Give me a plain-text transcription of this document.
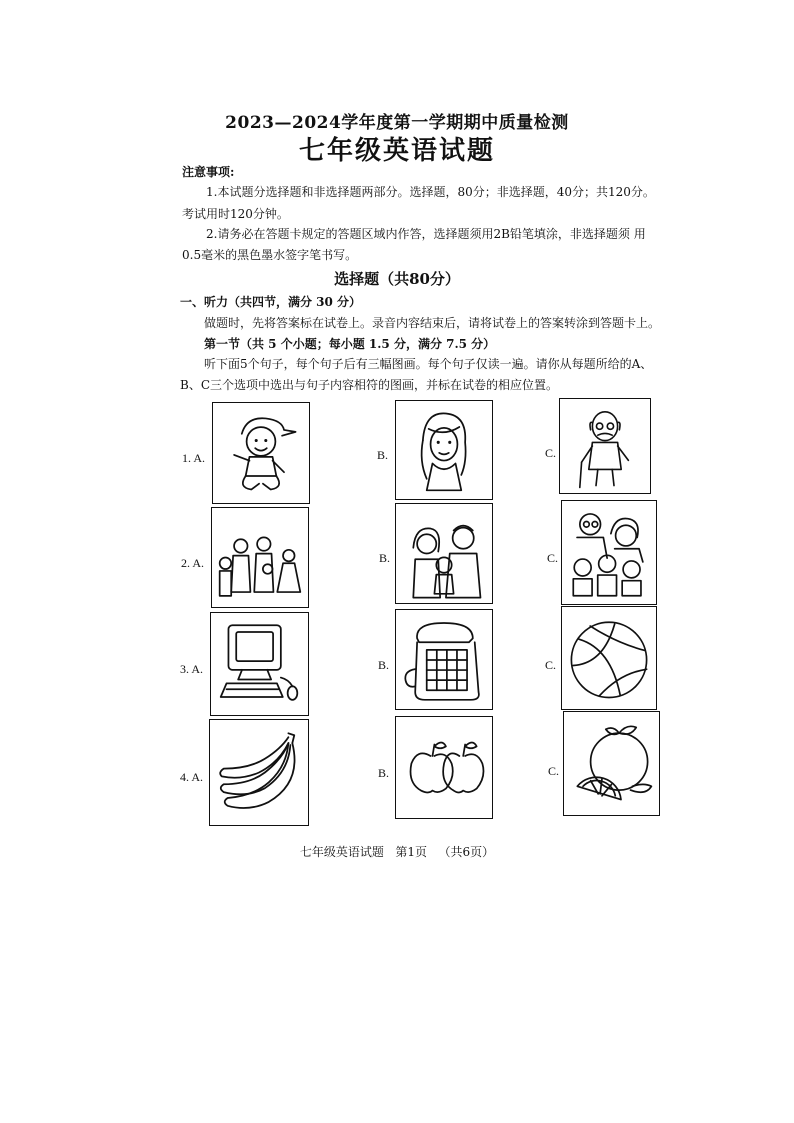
2023—2024学年度第一学期期中质量检测
七年级英语试题
注意事项:
1.本试题分选择题和非选择题两部分。选择题，80分；非选择题，40分；共120分。
考试用时120分钟。
2.请务必在答题卡规定的答题区域内作答，选择题须用2B铅笔填涂，非选择题须 用
0.5毫米的黑色墨水签字笔书写。
选择题（共80分）
一、听力（共四节，满分 30 分）
做题时，先将答案标在试卷上。录音内容结束后，请将试卷上的答案转涂到答题卡上。
第一节（共 5 个小题；每小题 1.5 分，满分 7.5 分）
听下面5个句子，每个句子后有三幅图画。每个句子仅读一遍。请你从每题所给的A、
B、C三个选项中选出与句子内容相符的图画，并标在试卷的相应位置。
1. A.	B.	C.
2. A.	B.	C.
3. A.	B.	C.
4. A.	B.	C.
七年级英语试题 第1页 （共6页）
